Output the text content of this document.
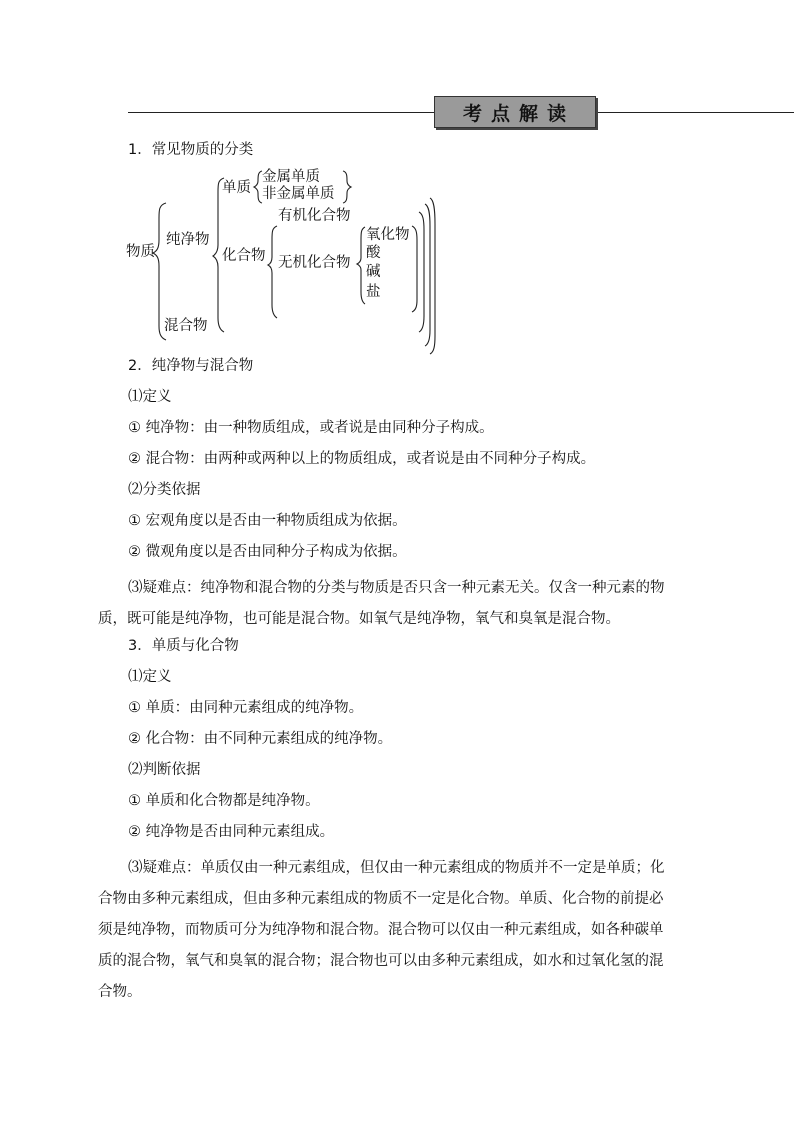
考点解读
1．常见物质的分类
物质
纯净物
混合物
单质
金属单质
非金属单质
化合物
有机化合物
无机化合物
氧化物
酸
碱
盐
2．纯净物与混合物
⑴定义
① 纯净物：由一种物质组成，或者说是由同种分子构成。
② 混合物：由两种或两种以上的物质组成，或者说是由不同种分子构成。
⑵分类依据
① 宏观角度以是否由一种物质组成为依据。
② 微观角度以是否由同种分子构成为依据。
⑶疑难点：纯净物和混合物的分类与物质是否只含一种元素无关。仅含一种元素的物质，既可能是纯净物，也可能是混合物。如氧气是纯净物，氧气和臭氧是混合物。
3．单质与化合物
⑴定义
① 单质：由同种元素组成的纯净物。
② 化合物：由不同种元素组成的纯净物。
⑵判断依据
① 单质和化合物都是纯净物。
② 纯净物是否由同种元素组成。
⑶疑难点：单质仅由一种元素组成，但仅由一种元素组成的物质并不一定是单质；化合物由多种元素组成，但由多种元素组成的物质不一定是化合物。单质、化合物的前提必须是纯净物，而物质可分为纯净物和混合物。混合物可以仅由一种元素组成，如各种碳单质的混合物，氧气和臭氧的混合物；混合物也可以由多种元素组成，如水和过氧化氢的混合物。
